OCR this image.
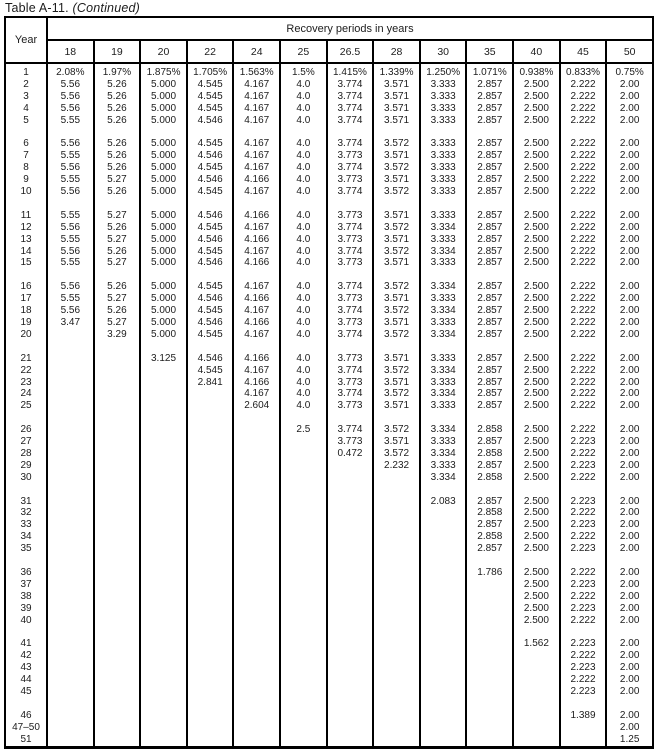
Table A-11. (Continued)
Year	Recovery periods in years												
	18	19	20	22	24	25	26.5	28	30	35	40	45	50
1	2.08%	1.97%	1.875%	1.705%	1.563%	1.5%	1.415%	1.339%	1.250%	1.071%	0.938%	0.833%	0.75%
2	5.56	5.26	5.000	4.545	4.167	4.0	3.774	3.571	3.333	2.857	2.500	2.222	2.00
3	5.56	5.26	5.000	4.545	4.167	4.0	3.774	3.571	3.333	2.857	2.500	2.222	2.00
4	5.56	5.26	5.000	4.545	4.167	4.0	3.774	3.571	3.333	2.857	2.500	2.222	2.00
5	5.55	5.26	5.000	4.546	4.167	4.0	3.774	3.571	3.333	2.857	2.500	2.222	2.00

6	5.56	5.26	5.000	4.545	4.167	4.0	3.774	3.572	3.333	2.857	2.500	2.222	2.00
7	5.55	5.26	5.000	4.546	4.167	4.0	3.773	3.571	3.333	2.857	2.500	2.222	2.00
8	5.56	5.26	5.000	4.545	4.167	4.0	3.774	3.572	3.333	2.857	2.500	2.222	2.00
9	5.55	5.27	5.000	4.546	4.166	4.0	3.773	3.571	3.333	2.857	2.500	2.222	2.00
10	5.56	5.26	5.000	4.545	4.167	4.0	3.774	3.572	3.333	2.857	2.500	2.222	2.00

11	5.55	5.27	5.000	4.546	4.166	4.0	3.773	3.571	3.333	2.857	2.500	2.222	2.00
12	5.56	5.26	5.000	4.545	4.167	4.0	3.774	3.572	3.334	2.857	2.500	2.222	2.00
13	5.55	5.27	5.000	4.546	4.166	4.0	3.773	3.571	3.333	2.857	2.500	2.222	2.00
14	5.56	5.26	5.000	4.545	4.167	4.0	3.774	3.572	3.334	2.857	2.500	2.222	2.00
15	5.55	5.27	5.000	4.546	4.166	4.0	3.773	3.571	3.333	2.857	2.500	2.222	2.00

16	5.56	5.26	5.000	4.545	4.167	4.0	3.774	3.572	3.334	2.857	2.500	2.222	2.00
17	5.55	5.27	5.000	4.546	4.166	4.0	3.773	3.571	3.333	2.857	2.500	2.222	2.00
18	5.56	5.26	5.000	4.545	4.167	4.0	3.774	3.572	3.334	2.857	2.500	2.222	2.00
19	3.47	5.27	5.000	4.546	4.166	4.0	3.773	3.571	3.333	2.857	2.500	2.222	2.00
20		3.29	5.000	4.545	4.167	4.0	3.774	3.572	3.334	2.857	2.500	2.222	2.00

21			3.125	4.546	4.166	4.0	3.773	3.571	3.333	2.857	2.500	2.222	2.00
22				4.545	4.167	4.0	3.774	3.572	3.334	2.857	2.500	2.222	2.00
23				2.841	4.166	4.0	3.773	3.571	3.333	2.857	2.500	2.222	2.00
24					4.167	4.0	3.774	3.572	3.334	2.857	2.500	2.222	2.00
25					2.604	4.0	3.773	3.571	3.333	2.857	2.500	2.222	2.00

26						2.5	3.774	3.572	3.334	2.858	2.500	2.222	2.00
27							3.773	3.571	3.333	2.857	2.500	2.223	2.00
28							0.472	3.572	3.334	2.858	2.500	2.222	2.00
29								2.232	3.333	2.857	2.500	2.223	2.00
30									3.334	2.858	2.500	2.222	2.00

31									2.083	2.857	2.500	2.223	2.00
32										2.858	2.500	2.222	2.00
33										2.857	2.500	2.223	2.00
34										2.858	2.500	2.222	2.00
35										2.857	2.500	2.223	2.00

36										1.786	2.500	2.222	2.00
37											2.500	2.223	2.00
38											2.500	2.222	2.00
39											2.500	2.223	2.00
40											2.500	2.222	2.00

41											1.562	2.223	2.00
42												2.222	2.00
43												2.223	2.00
44												2.222	2.00
45												2.223	2.00

46												1.389	2.00
47–50													2.00
51													1.25
